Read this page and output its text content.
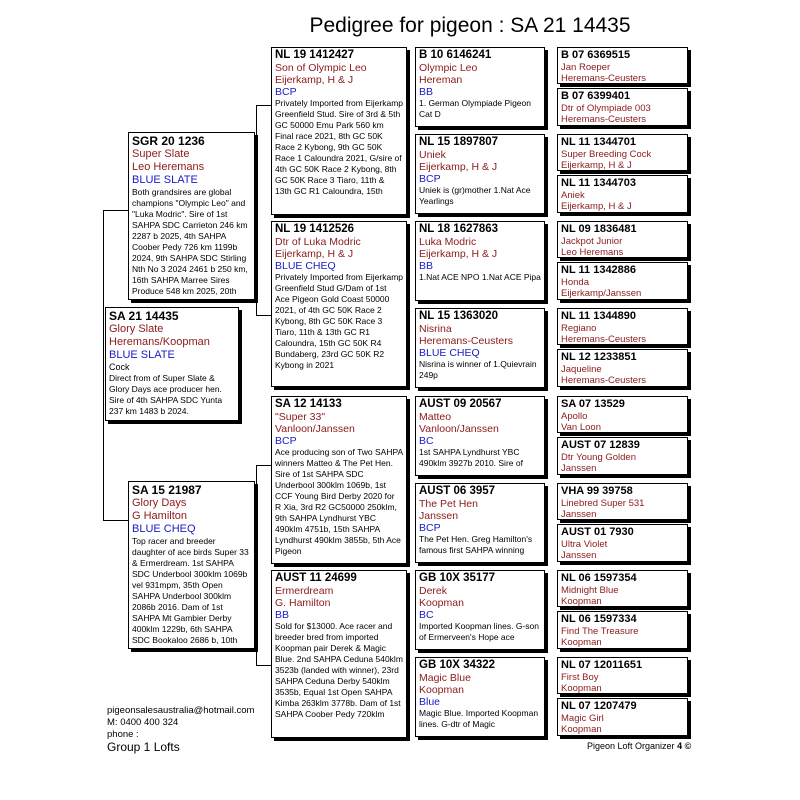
Pedigree for pigeon : SA 21 14435
SA 21 14435
Glory Slate
Heremans/Koopman
BLUE SLATE
Cock
Direct from of Super Slate & Glory Days ace producer hen. Sire of 4th SAHPA SDC Yunta 237 km 1483 b 2024.
SGR 20 1236
Super Slate
Leo Heremans
BLUE SLATE
Both grandsires are global champions "Olympic Leo" and "Luka Modric". Sire of 1st SAHPA SDC Carrieton 246 km 2287 b 2025, 4th SAHPA Coober Pedy 726 km 1199b 2024, 9th SAHPA SDC Stirling Nth No 3 2024 2461 b 250 km, 16th SAHPA Marree Sires Produce 548 km 2025, 20th
SA 15 21987
Glory Days
G Hamilton
BLUE CHEQ
Top racer and breeder daughter of ace birds Super 33 & Ermerdream. 1st SAHPA SDC Underbool 300klm 1069b vel 931mpm, 35th Open SAHPA Underbool 300klm 2086b 2016. Dam of 1st SAHPA Mt Gambier Derby 400klm 1229b, 6th SAHPA SDC Bookaloo 2686 b, 10th
NL 19 1412427
Son of Olympic Leo
Eijerkamp, H & J
BCP
Privately Imported from Eijerkamp Greenfield Stud. Sire of 3rd & 5th GC 50000 Emu Park 560 km Final race 2021, 8th GC 50K Race 2 Kybong, 9th GC 50K Race 1 Caloundra 2021, G/sire of 4th GC 50K Race 2 Kybong, 8th GC 50K Race 3 Tiaro, 11th & 13th GC R1 Caloundra, 15th
NL 19 1412526
Dtr of Luka Modric
Eijerkamp, H & J
BLUE CHEQ
Privately Imported from Eijerkamp Greenfield Stud G/Dam of 1st Ace Pigeon Gold Coast 50000 2021, of 4th GC 50K Race 2 Kybong, 8th GC 50K Race 3 Tiaro, 11th & 13th GC R1 Caloundra, 15th GC 50K R4 Bundaberg, 23rd GC 50K R2 Kybong in 2021
SA 12 14133
"Super 33"
Vanloon/Janssen
BCP
Ace producing son of Two SAHPA winners Matteo & The Pet Hen. Sire of 1st SAHPA SDC Underbool 300klm 1069b, 1st CCF Young Bird Derby 2020 for R Xia, 3rd R2 GC50000 250klm, 9th SAHPA Lyndhurst YBC 490klm 4751b, 15th SAHPA Lyndhurst 490klm 3855b, 5th Ace Pigeon
AUST 11 24699
Ermerdream
G. Hamilton
BB
Sold for $13000. Ace racer and breeder bred from imported Koopman pair Derek & Magic Blue. 2nd SAHPA Ceduna 540klm 3523b (landed with winner), 23rd SAHPA Ceduna Derby 540klm 3535b, Equal 1st Open SAHPA Kimba 263klm 3778b. Dam of 1st SAHPA Coober Pedy 720klm
B 10 6146241
Olympic Leo
Hereman
BB
1. German Olympiade Pigeon Cat D
NL 15 1897807
Uniek
Eijerkamp, H & J
BCP
Uniek is (gr)mother 1.Nat Ace Yearlings
NL 18 1627863
Luka Modric
Eijerkamp, H & J
BB
1.Nat ACE NPO 1.Nat ACE Pipa
NL 15 1363020
Nisrina
Heremans-Ceusters
BLUE CHEQ
Nisrina is winner of 1.Quievrain 249p
AUST 09 20567
Matteo
Vanloon/Janssen
BC
1st SAHPA Lyndhurst YBC 490klm 3927b 2010. Sire of
AUST 06 3957
The Pet Hen
Janssen
BCP
The Pet Hen. Greg Hamilton's famous first SAHPA winning
GB 10X 35177
Derek
Koopman
BC
Imported Koopman lines. G-son of Ermerveen's Hope ace
GB 10X 34322
Magic Blue
Koopman
Blue
Magic Blue. Imported Koopman lines. G-dtr of Magic
B 07 6369515
Jan Roeper
Heremans-Ceusters
B 07 6399401
Dtr of Olympiade 003
Heremans-Ceusters
NL 11 1344701
Super Breeding Cock
Eijerkamp, H & J
NL 11 1344703
Aniek
Eijerkamp, H & J
NL 09 1836481
Jackpot Junior
Leo Heremans
NL 11 1342886
Honda
Eijerkamp/Janssen
NL 11 1344890
Regiano
Heremans-Ceusters
NL 12 1233851
Jaqueline
Heremans-Ceusters
SA 07 13529
Apollo
Van Loon
AUST 07 12839
Dtr Young Golden
Janssen
VHA 99 39758
Linebred Super 531
Janssen
AUST 01 7930
Ultra Violet
Janssen
NL 06 1597354
Midnight Blue
Koopman
NL 06 1597334
Find The Treasure
Koopman
NL 07 12011651
First Boy
Koopman
NL 07 1207479
Magic Girl
Koopman
pigeonsalesaustralia@hotmail.com
M: 0400 400 324
phone :
Group 1 Lofts	Pigeon Loft Organizer 4 ©
